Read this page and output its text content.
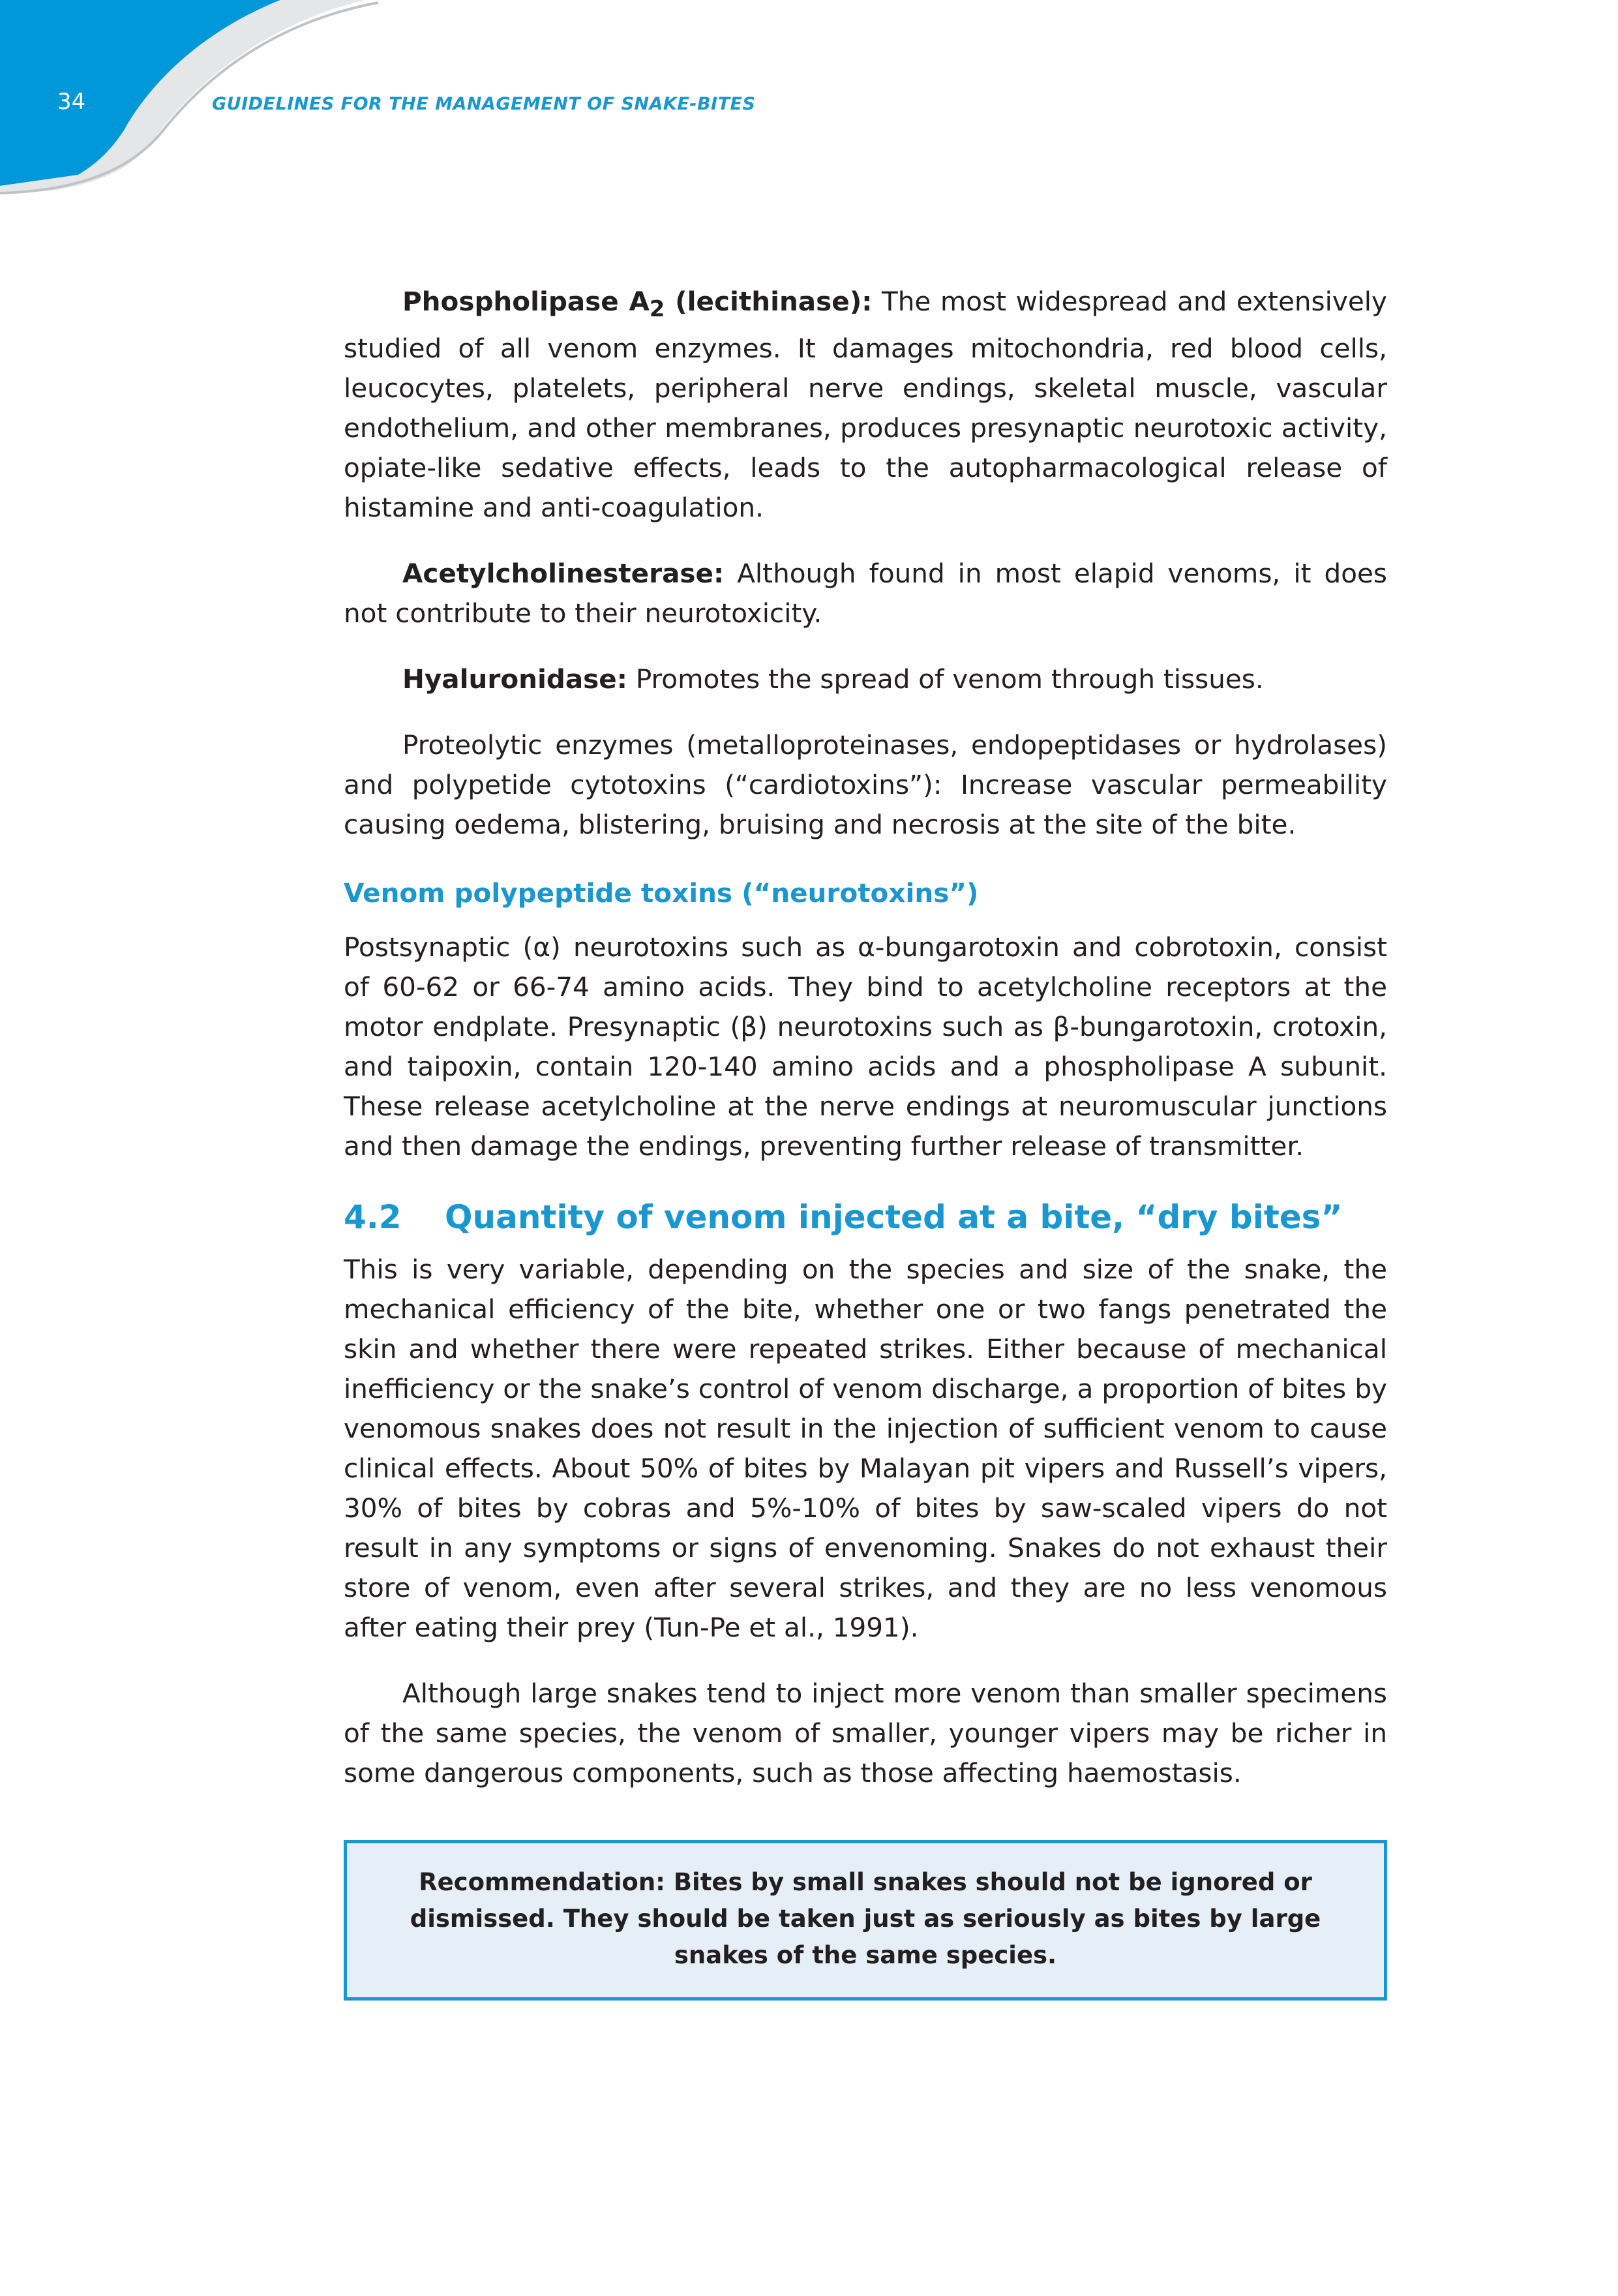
34	GUIDELINES FOR THE MANAGEMENT OF SNAKE-BITES

Phospholipase $A_2$ (lecithinase): The most widespread and extensively studied of all venom enzymes. It damages mitochondria, red blood cells, leucocytes, platelets, peripheral nerve endings, skeletal muscle, vascular endothelium, and other membranes, produces presynaptic neurotoxic activity, opiate-like sedative effects, leads to the autopharmacological release of histamine and anti-coagulation.

Acetylcholinesterase: Although found in most elapid venoms, it does not contribute to their neurotoxicity.

Hyaluronidase: Promotes the spread of venom through tissues.

Proteolytic enzymes (metalloproteinases, endopeptidases or hydrolases) and polypetide cytotoxins (“cardiotoxins”): Increase vascular permeability causing oedema, blistering, bruising and necrosis at the site of the bite.

Venom polypeptide toxins (“neurotoxins”)

Postsynaptic (α) neurotoxins such as α-bungarotoxin and cobrotoxin, consist of 60-62 or 66-74 amino acids. They bind to acetylcholine receptors at the motor endplate. Presynaptic (β) neurotoxins such as β-bungarotoxin, crotoxin, and taipoxin, contain 120-140 amino acids and a phospholipase A subunit. These release acetylcholine at the nerve endings at neuromuscular junctions and then damage the endings, preventing further release of transmitter.

4.2	Quantity of venom injected at a bite, “dry bites”

This is very variable, depending on the species and size of the snake, the mechanical efficiency of the bite, whether one or two fangs penetrated the skin and whether there were repeated strikes. Either because of mechanical inefficiency or the snake’s control of venom discharge, a proportion of bites by venomous snakes does not result in the injection of sufficient venom to cause clinical effects. About 50% of bites by Malayan pit vipers and Russell’s vipers, 30% of bites by cobras and 5%-10% of bites by saw-scaled vipers do not result in any symptoms or signs of envenoming. Snakes do not exhaust their store of venom, even after several strikes, and they are no less venomous after eating their prey (Tun-Pe et al., 1991).

Although large snakes tend to inject more venom than smaller specimens of the same species, the venom of smaller, younger vipers may be richer in some dangerous components, such as those affecting haemostasis.

Recommendation: Bites by small snakes should not be ignored or dismissed. They should be taken just as seriously as bites by large snakes of the same species.
